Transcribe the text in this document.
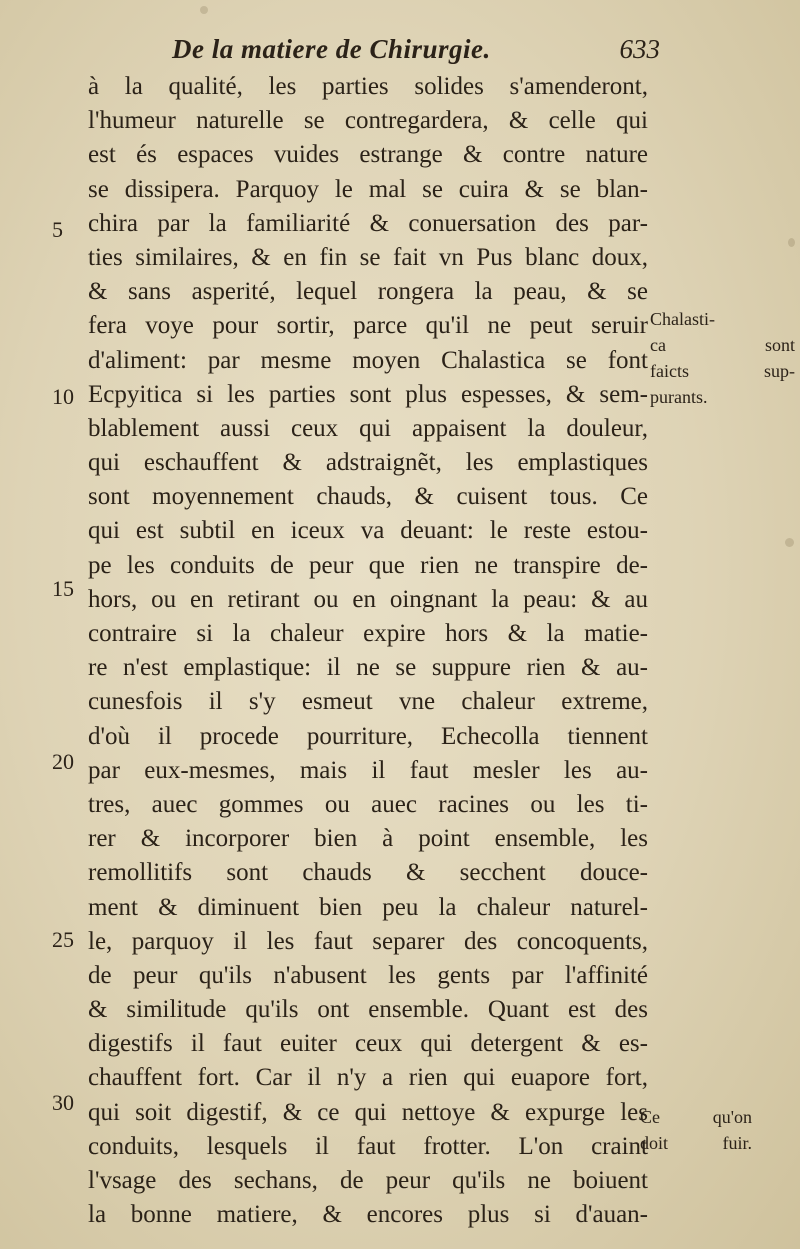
De la matiere de Chirurgie.	633
5
10
15
20
25
30
à la qualité, les parties solides s'amenderont,
l'humeur naturelle se contregardera, & celle qui
est és espaces vuides estrange & contre nature
se dissipera. Parquoy le mal se cuira & se blan-
chira par la familiarité & conuersation des par-
ties similaires, & en fin se fait vn Pus blanc doux,
& sans asperité, lequel rongera la peau, & se
fera voye pour sortir, parce qu'il ne peut seruir
d'aliment: par mesme moyen Chalastica se font
Ecpyitica si les parties sont plus espesses, & sem-
blablement aussi ceux qui appaisent la douleur,
qui eschauffent & adstraignẽt, les emplastiques
sont moyennement chauds, & cuisent tous. Ce
qui est subtil en iceux va deuant: le reste estou-
pe les conduits de peur que rien ne transpire de-
hors, ou en retirant ou en oingnant la peau: & au
contraire si la chaleur expire hors & la matie-
re n'est emplastique: il ne se suppure rien & au-
cunesfois il s'y esmeut vne chaleur extreme,
d'où il procede pourriture, Echecolla tiennent
par eux-mesmes, mais il faut mesler les au-
tres, auec gommes ou auec racines ou les ti-
rer & incorporer bien à point ensemble, les
remollitifs sont chauds & secchent douce-
ment & diminuent bien peu la chaleur naturel-
le, parquoy il les faut separer des concoquents,
de peur qu'ils n'abusent les gents par l'affinité
& similitude qu'ils ont ensemble. Quant est des
digestifs il faut euiter ceux qui detergent & es-
chauffent fort. Car il n'y a rien qui euapore fort,
qui soit digestif, & ce qui nettoye & expurge les
conduits, lesquels il faut frotter. L'on craint
l'vsage des sechans, de peur qu'ils ne boiuent
la bonne matiere, & encores plus si d'auan-
Chalasti-
ca sont
faicts sup-
purants.
Ce qu'on
doit fuir.
